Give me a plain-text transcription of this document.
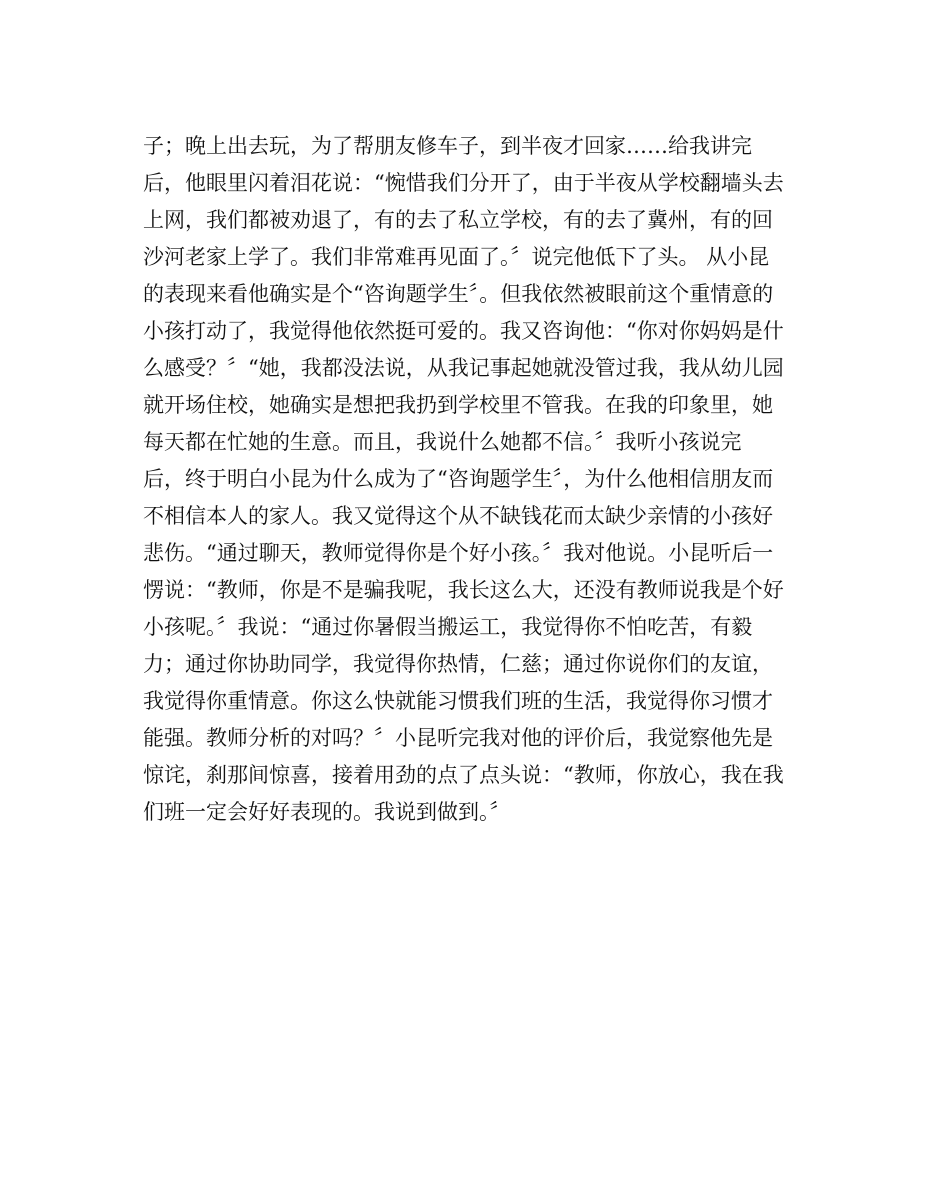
子；晚上出去玩，为了帮朋友修车子，到半夜才回家……给我讲完
后，他眼里闪着泪花说：“惋惜我们分开了，由于半夜从学校翻墙头去
上网，我们都被劝退了，有的去了私立学校，有的去了冀州，有的回
沙河老家上学了。我们非常难再见面了。〞说完他低下了头。 从小昆
的表现来看他确实是个“咨询题学生〞。但我依然被眼前这个重情意的
小孩打动了，我觉得他依然挺可爱的。我又咨询他：“你对你妈妈是什
么感受？〞“她，我都没法说，从我记事起她就没管过我，我从幼儿园
就开场住校，她确实是想把我扔到学校里不管我。在我的印象里，她
每天都在忙她的生意。而且，我说什么她都不信。〞我听小孩说完
后，终于明白小昆为什么成为了“咨询题学生〞，为什么他相信朋友而
不相信本人的家人。我又觉得这个从不缺钱花而太缺少亲情的小孩好
悲伤。“通过聊天，教师觉得你是个好小孩。〞我对他说。小昆听后一
愣说：“教师，你是不是骗我呢，我长这么大，还没有教师说我是个好
小孩呢。〞我说：“通过你暑假当搬运工，我觉得你不怕吃苦，有毅
力；通过你协助同学，我觉得你热情，仁慈；通过你说你们的友谊，
我觉得你重情意。你这么快就能习惯我们班的生活，我觉得你习惯才
能强。教师分析的对吗？〞小昆听完我对他的评价后，我觉察他先是
惊诧，刹那间惊喜，接着用劲的点了点头说：“教师，你放心，我在我
们班一定会好好表现的。我说到做到。〞
